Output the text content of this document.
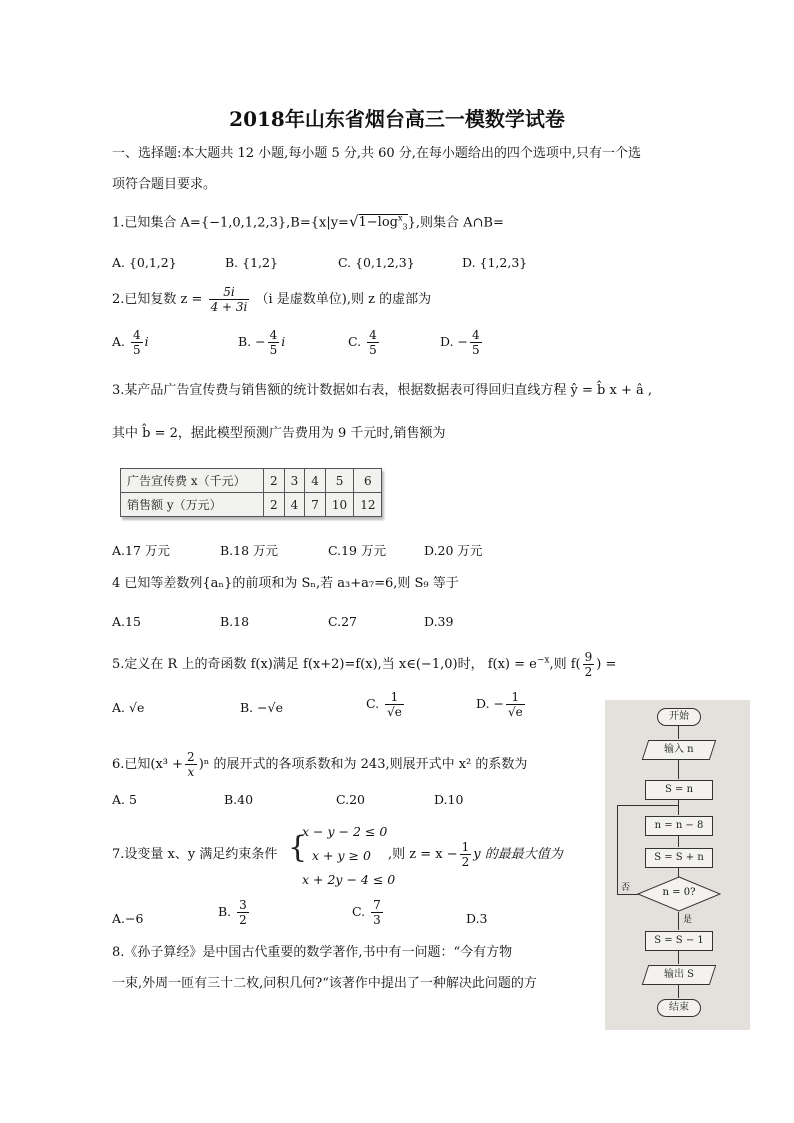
2018年山东省烟台高三一模数学试卷
一、选择题:本大题共 12 小题,每小题 5 分,共 60 分,在每小题给出的四个选项中,只有一个选
项符合题目要求。
1.已知集合 $A=\{-1,0,1,2,3\},B=\{x|y=√1-\log^x_3\}$,则集合 A∩B=
A. {0,1,2}	B. {1,2}	C. {0,1,2,3}	D. {1,2,3}
2.已知复数 $z = \frac{5i}{4 + 3i} (i$ 是虚数单位),则 z 的虚部为
A. $\frac{4}{5}$ i	B. − $\frac{4}{5}$ i	C. $\frac{4}{5}$	D. − $\frac{4}{5}$
3.某产品广告宣传费与销售额的统计数据如右表，根据数据表可得回归直线方程 ŷ = b̂ x + â ,
其中 b̂ = 2，据此模型预测广告费用为 9 千元时,销售额为
广告宣传费 x（千元）	2	3	4	5	6
销售额 y（万元）	2	4	7	10	12
A.17 万元	B.18 万元	C.19 万元	D.20 万元
4 已知等差数列{aₙ}的前项和为 Sₙ,若 a₃+a₇=6,则 S₉ 等于
A.15	B.18	C.27	D.39
5.定义在 R 上的奇函数 f(x)满足 f(x+2)=f(x),当 x∈(−1,0)时， $f(x) = e^{-x}$,则 $f( \frac{9}{2}$ ) =
A. √e	B. −√e	C. $\frac{1}{√e}$	D. − $\frac{1}{√e}$
6.已知$(x^3 + \frac{2}{x} )^n$ 的展开式的各项系数和为 243,则展开式中 x² 的系数为
A. 5	B.40	C.20	D.10
7.设变量 x、y 满足约束条件 {
x − y − 2 ≤ 0
x + y ≥ 0
x + 2y − 4 ≤ 0
,则 $z = x - \frac{1}{2}$ y 的最最大值为
A.−6	B. $\frac{3}{2}$	C. $\frac{7}{3}$	D.3
8.《孙子算经》是中国古代重要的数学著作,书中有一问题：“今有方物
一束,外周一匝有三十二枚,问积几何?“该著作中提出了一种解决此问题的方
开始
输入 n
S = n
n = n − 8
S = S + n
n = 0?
否
是
S = S − 1
输出 S
结束
